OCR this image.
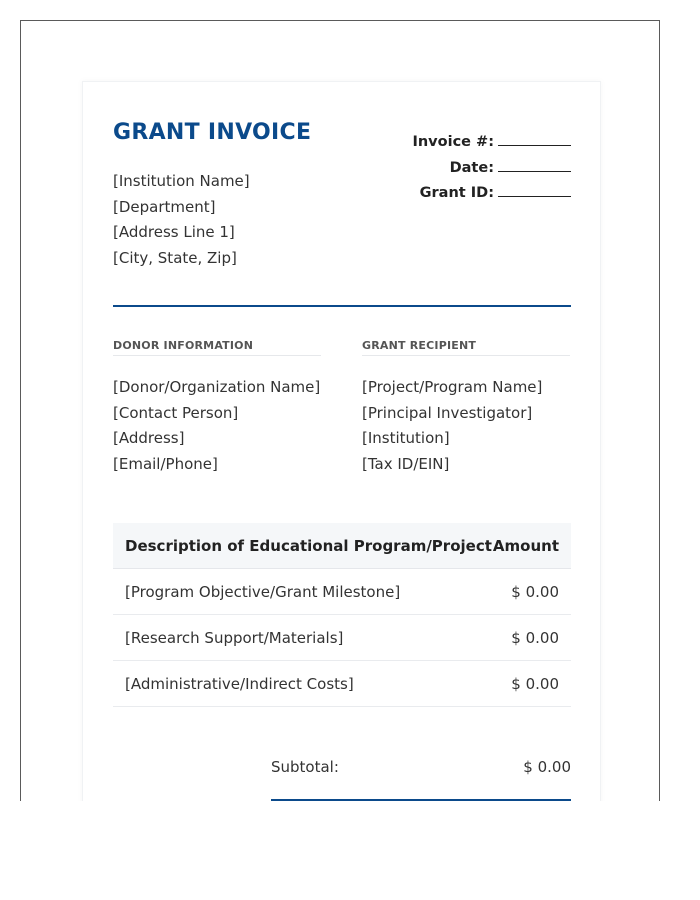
GRANT INVOICE
[Institution Name]
[Department]
[Address Line 1]
[City, State, Zip]
Invoice #:
Date:
Grant ID:
DONOR INFORMATION
[Donor/Organization Name]
[Contact Person]
[Address]
[Email/Phone]
GRANT RECIPIENT
[Project/Program Name]
[Principal Investigator]
[Institution]
[Tax ID/EIN]
Description of Educational Program/Project Amount
[Program Objective/Grant Milestone]	$ 0.00
[Research Support/Materials]	$ 0.00
[Administrative/Indirect Costs]	$ 0.00
Subtotal:	$ 0.00
